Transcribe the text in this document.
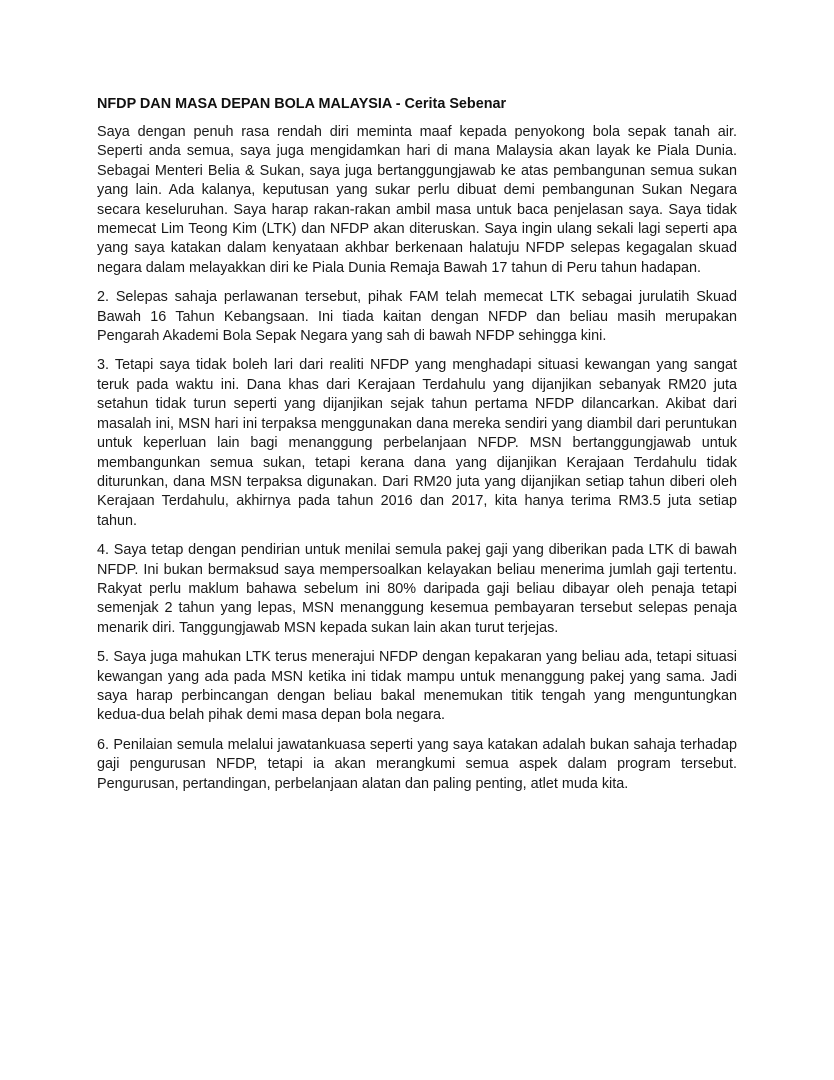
NFDP DAN MASA DEPAN BOLA MALAYSIA - Cerita Sebenar

Saya dengan penuh rasa rendah diri meminta maaf kepada penyokong bola sepak tanah air. Seperti anda semua, saya juga mengidamkan hari di mana Malaysia akan layak ke Piala Dunia. Sebagai Menteri Belia & Sukan, saya juga bertanggungjawab ke atas pembangunan semua sukan yang lain. Ada kalanya, keputusan yang sukar perlu dibuat demi pembangunan Sukan Negara secara keseluruhan. Saya harap rakan-rakan ambil masa untuk baca penjelasan saya. Saya tidak memecat Lim Teong Kim (LTK) dan NFDP akan diteruskan. Saya ingin ulang sekali lagi seperti apa yang saya katakan dalam kenyataan akhbar berkenaan halatuju NFDP selepas kegagalan skuad negara dalam melayakkan diri ke Piala Dunia Remaja Bawah 17 tahun di Peru tahun hadapan.

2. Selepas sahaja perlawanan tersebut, pihak FAM telah memecat LTK sebagai jurulatih Skuad Bawah 16 Tahun Kebangsaan. Ini tiada kaitan dengan NFDP dan beliau masih merupakan Pengarah Akademi Bola Sepak Negara yang sah di bawah NFDP sehingga kini.

3. Tetapi saya tidak boleh lari dari realiti NFDP yang menghadapi situasi kewangan yang sangat teruk pada waktu ini. Dana khas dari Kerajaan Terdahulu yang dijanjikan sebanyak RM20 juta setahun tidak turun seperti yang dijanjikan sejak tahun pertama NFDP dilancarkan. Akibat dari masalah ini, MSN hari ini terpaksa menggunakan dana mereka sendiri yang diambil dari peruntukan untuk keperluan lain bagi menanggung perbelanjaan NFDP. MSN bertanggungjawab untuk membangunkan semua sukan, tetapi kerana dana yang dijanjikan Kerajaan Terdahulu tidak diturunkan, dana MSN terpaksa digunakan. Dari RM20 juta yang dijanjikan setiap tahun diberi oleh Kerajaan Terdahulu, akhirnya pada tahun 2016 dan 2017, kita hanya terima RM3.5 juta setiap tahun.

4. Saya tetap dengan pendirian untuk menilai semula pakej gaji yang diberikan pada LTK di bawah NFDP. Ini bukan bermaksud saya mempersoalkan kelayakan beliau menerima jumlah gaji tertentu. Rakyat perlu maklum bahawa sebelum ini 80% daripada gaji beliau dibayar oleh penaja tetapi semenjak 2 tahun yang lepas, MSN menanggung kesemua pembayaran tersebut selepas penaja menarik diri. Tanggungjawab MSN kepada sukan lain akan turut terjejas.

5. Saya juga mahukan LTK terus menerajui NFDP dengan kepakaran yang beliau ada, tetapi situasi kewangan yang ada pada MSN ketika ini tidak mampu untuk menanggung pakej yang sama. Jadi saya harap perbincangan dengan beliau bakal menemukan titik tengah yang menguntungkan kedua-dua belah pihak demi masa depan bola negara.

6. Penilaian semula melalui jawatankuasa seperti yang saya katakan adalah bukan sahaja terhadap gaji pengurusan NFDP, tetapi ia akan merangkumi semua aspek dalam program tersebut. Pengurusan, pertandingan, perbelanjaan alatan dan paling penting, atlet muda kita.
